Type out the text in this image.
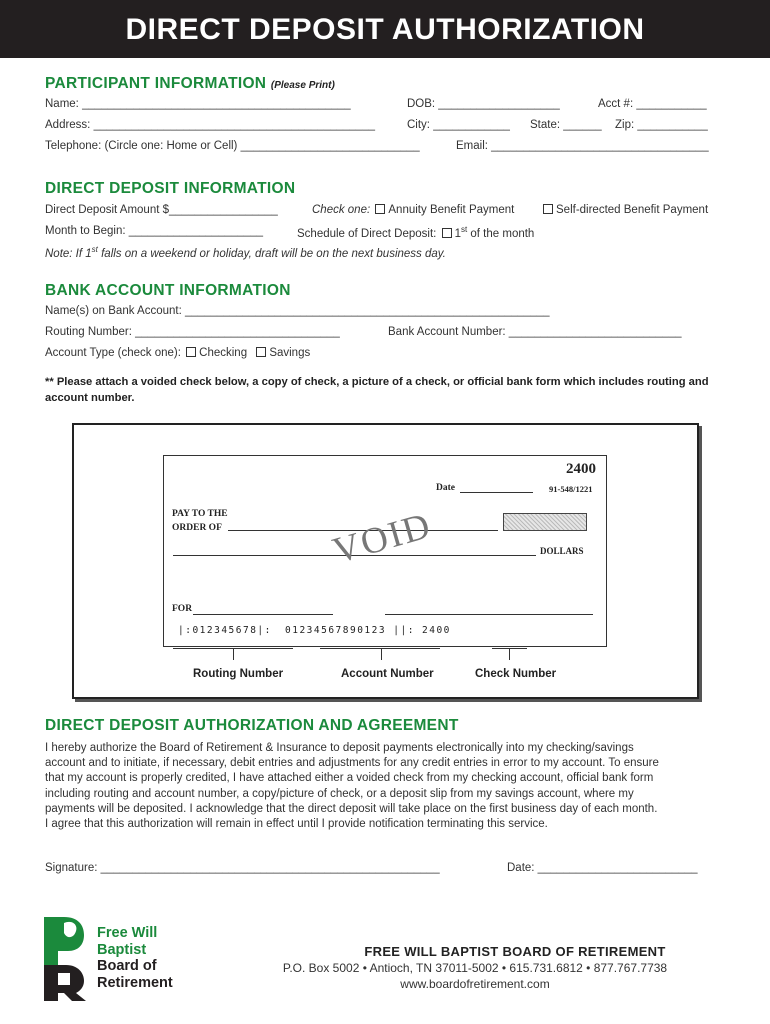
DIRECT DEPOSIT AUTHORIZATION
PARTICIPANT INFORMATION (Please Print)
Name: __________________________________________	DOB: ___________________	Acct #: ___________
Address: ____________________________________________	City: ____________ State: ______ Zip: ___________
Telephone: (Circle one: Home or Cell) ____________________________	Email: __________________________________
DIRECT DEPOSIT INFORMATION
Direct Deposit Amount $_________________	Check one: Annuity Benefit Payment	Self-directed Benefit Payment
Month to Begin: _____________________	Schedule of Direct Deposit: 1st of the month
Note: If 1st falls on a weekend or holiday, draft will be on the next business day.
BANK ACCOUNT INFORMATION
Name(s) on Bank Account: _________________________________________________________
Routing Number: ________________________________	Bank Account Number: ___________________________
Account Type (check one): Checking Savings
** Please attach a voided check below, a copy of check, a picture of a check, or official bank form which includes routing and account number.
2400
Date	91-548/1221
PAY TO THE
ORDER OF
DOLLARS
VOID
FOR
|:012345678|: 01234567890123 ||: 2400
Routing Number	Account Number	Check Number
DIRECT DEPOSIT AUTHORIZATION AND AGREEMENT
I hereby authorize the Board of Retirement & Insurance to deposit payments electronically into my checking/savings
account and to initiate, if necessary, debit entries and adjustments for any credit entries in error to my account. To ensure
that my account is properly credited, I have attached either a voided check from my checking account, official bank form
including routing and account number, a copy/picture of check, or a deposit slip from my savings account, where my
payments will be deposited. I acknowledge that the direct deposit will take place on the first business day of each month.
I agree that this authorization will remain in effect until I provide notification terminating this service.
Signature: _____________________________________________________	Date: _________________________
Free Will
Baptist
Board of
Retirement
FREE WILL BAPTIST BOARD OF RETIREMENT
P.O. Box 5002 • Antioch, TN 37011-5002 • 615.731.6812 • 877.767.7738
www.boardofretirement.com
